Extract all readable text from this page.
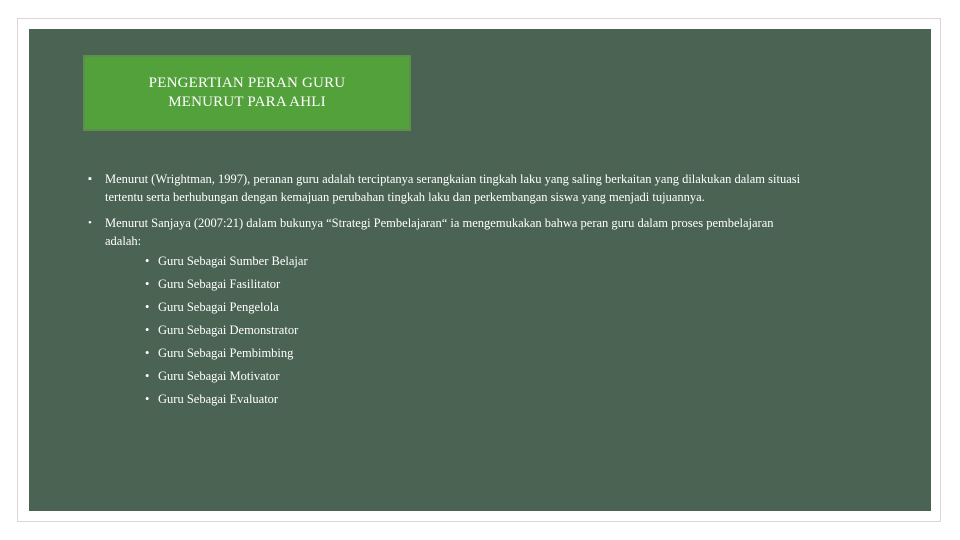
PENGERTIAN PERAN GURU
MENURUT PARA AHLI
▪ Menurut (Wrightman, 1997), peranan guru adalah terciptanya serangkaian tingkah laku yang saling berkaitan yang dilakukan dalam situasi tertentu serta berhubungan dengan kemajuan perubahan tingkah laku dan perkembangan siswa yang menjadi tujuannya.
• Menurut Sanjaya (2007:21) dalam bukunya “Strategi Pembelajaran“ ia mengemukakan bahwa peran guru dalam proses pembelajaran adalah:
• Guru Sebagai Sumber Belajar
• Guru Sebagai Fasilitator
• Guru Sebagai Pengelola
• Guru Sebagai Demonstrator
• Guru Sebagai Pembimbing
• Guru Sebagai Motivator
• Guru Sebagai Evaluator
